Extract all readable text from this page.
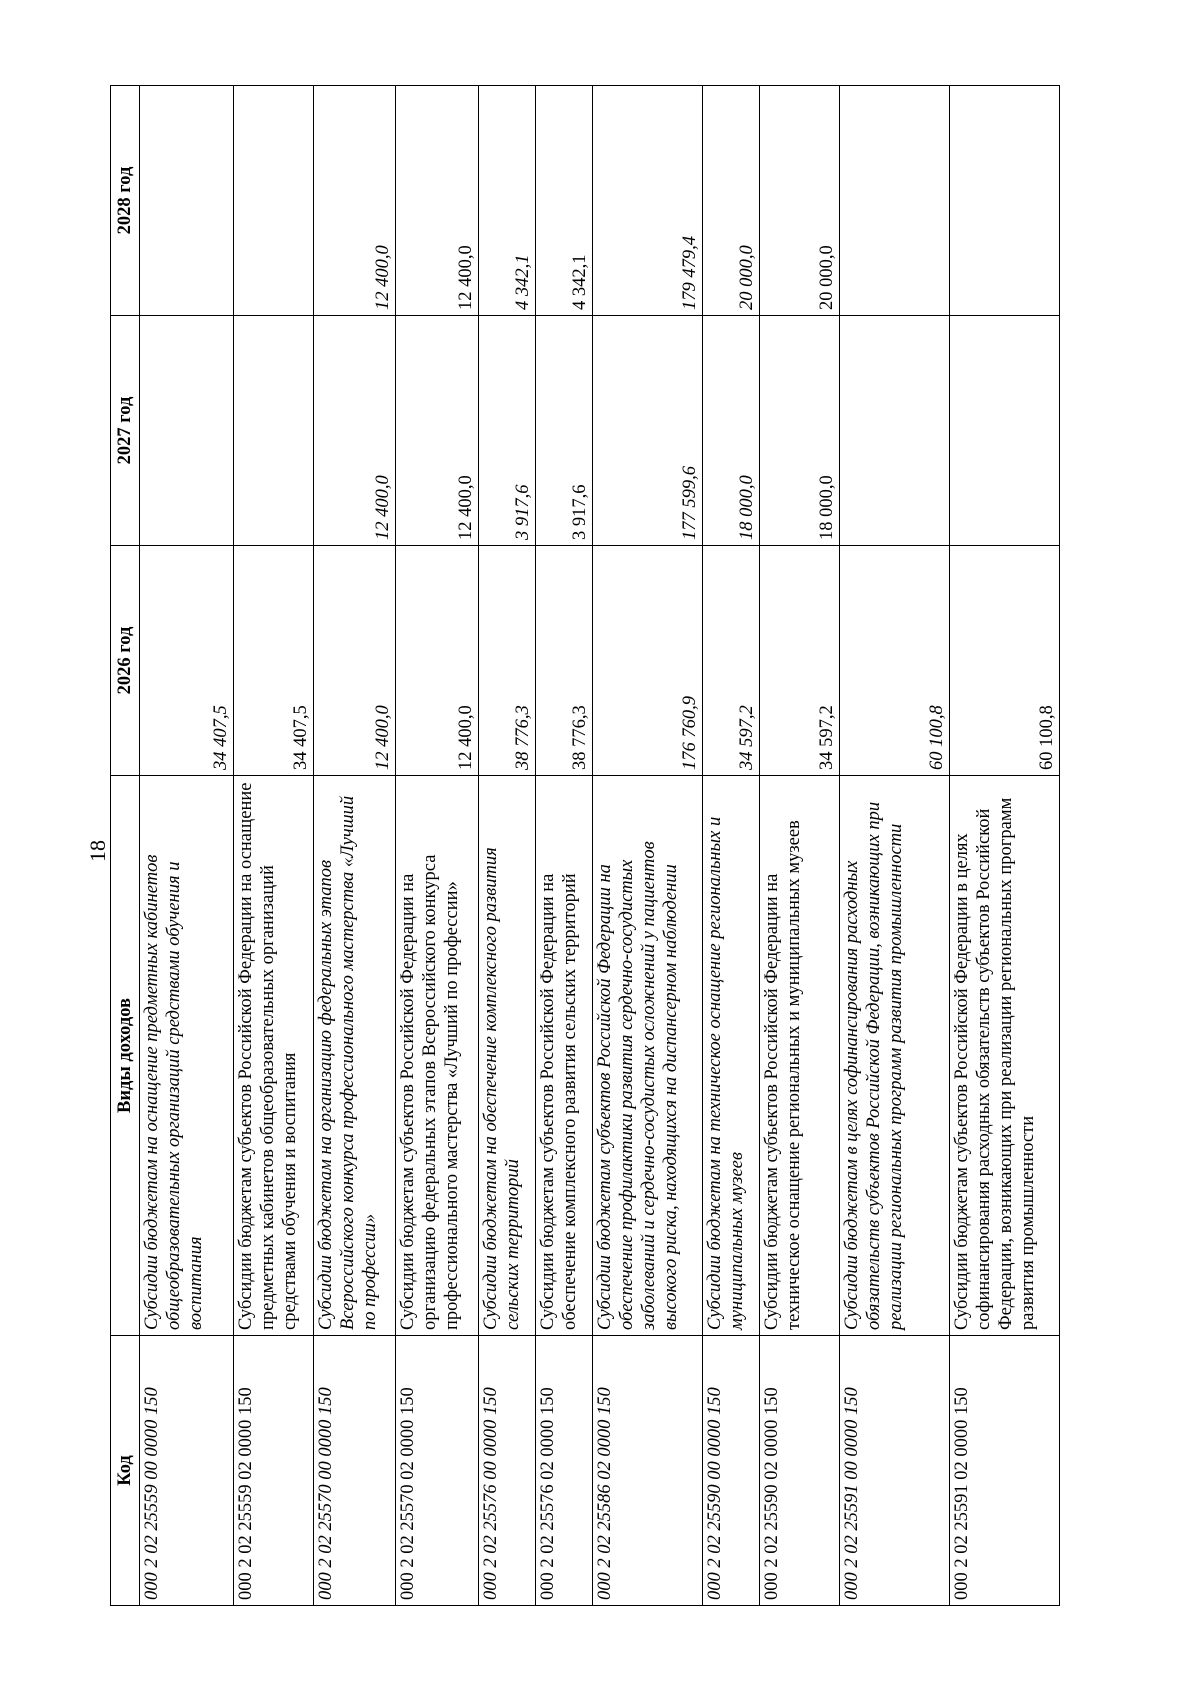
18
Код	Виды доходов	2026 год	2027 год	2028 год
000 2 02 25559 00 0000 150	Субсидии бюджетам на оснащение предметных кабинетов общеобразовательных организаций средствами обучения и воспитания	34 407,5		
000 2 02 25559 02 0000 150	Субсидии бюджетам субъектов Российской Федерации на оснащение предметных кабинетов общеобразовательных организаций средствами обучения и воспитания	34 407,5		
000 2 02 25570 00 0000 150	Субсидии бюджетам на организацию федеральных этапов Всероссийского конкурса профессионального мастерства «Лучший по профессии»	12 400,0	12 400,0	12 400,0
000 2 02 25570 02 0000 150	Субсидии бюджетам субъектов Российской Федерации на организацию федеральных этапов Всероссийского конкурса профессионального мастерства «Лучший по профессии»	12 400,0	12 400,0	12 400,0
000 2 02 25576 00 0000 150	Субсидии бюджетам на обеспечение комплексного развития сельских территорий	38 776,3	3 917,6	4 342,1
000 2 02 25576 02 0000 150	Субсидии бюджетам субъектов Российской Федерации на обеспечение комплексного развития сельских территорий	38 776,3	3 917,6	4 342,1
000 2 02 25586 02 0000 150	Субсидии бюджетам субъектов Российской Федерации на обеспечение профилактики развития сердечно-сосудистых заболеваний и сердечно-сосудистых осложнений у пациентов высокого риска, находящихся на диспансерном наблюдении	176 760,9	177 599,6	179 479,4
000 2 02 25590 00 0000 150	Субсидии бюджетам на техническое оснащение региональных и муниципальных музеев	34 597,2	18 000,0	20 000,0
000 2 02 25590 02 0000 150	Субсидии бюджетам субъектов Российской Федерации на техническое оснащение региональных и муниципальных музеев	34 597,2	18 000,0	20 000,0
000 2 02 25591 00 0000 150	Субсидии бюджетам в целях софинансирования расходных обязательств субъектов Российской Федерации, возникающих при реализации региональных программ развития промышленности	60 100,8		
000 2 02 25591 02 0000 150	Субсидии бюджетам субъектов Российской Федерации в целях софинансирования расходных обязательств субъектов Российской Федерации, возникающих при реализации региональных программ развития промышленности	60 100,8		
